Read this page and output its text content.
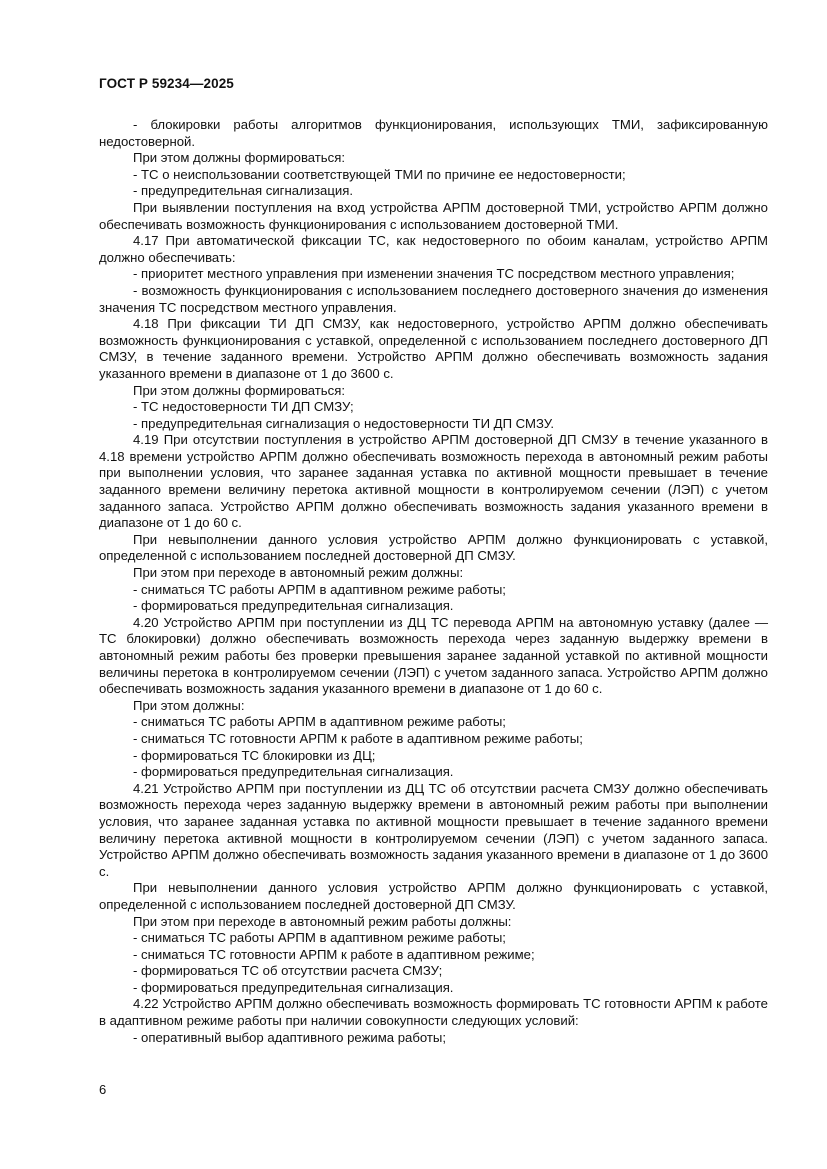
ГОСТ Р 59234—2025

- блокировки работы алгоритмов функционирования, использующих ТМИ, зафиксированную недостоверной.

При этом должны формироваться:

- ТС о неиспользовании соответствующей ТМИ по причине ее недостоверности;

- предупредительная сигнализация.

При выявлении поступления на вход устройства АРПМ достоверной ТМИ, устройство АРПМ должно обеспечивать возможность функционирования с использованием достоверной ТМИ.

4.17 При автоматической фиксации ТС, как недостоверного по обоим каналам, устройство АРПМ должно обеспечивать:

- приоритет местного управления при изменении значения ТС посредством местного управления;

- возможность функционирования с использованием последнего достоверного значения до изменения значения ТС посредством местного управления.

4.18 При фиксации ТИ ДП СМЗУ, как недостоверного, устройство АРПМ должно обеспечивать возможность функционирования с уставкой, определенной с использованием последнего достоверного ДП СМЗУ, в течение заданного времени. Устройство АРПМ должно обеспечивать возможность задания указанного времени в диапазоне от 1 до 3600 с.

При этом должны формироваться:

- ТС недостоверности ТИ ДП СМЗУ;

- предупредительная сигнализация о недостоверности ТИ ДП СМЗУ.

4.19 При отсутствии поступления в устройство АРПМ достоверной ДП СМЗУ в течение указанного в 4.18 времени устройство АРПМ должно обеспечивать возможность перехода в автономный режим работы при выполнении условия, что заранее заданная уставка по активной мощности превышает в течение заданного времени величину перетока активной мощности в контролируемом сечении (ЛЭП) с учетом заданного запаса. Устройство АРПМ должно обеспечивать возможность задания указанного времени в диапазоне от 1 до 60 с.

При невыполнении данного условия устройство АРПМ должно функционировать с уставкой, определенной с использованием последней достоверной ДП СМЗУ.

При этом при переходе в автономный режим должны:

- сниматься ТС работы АРПМ в адаптивном режиме работы;

- формироваться предупредительная сигнализация.

4.20 Устройство АРПМ при поступлении из ДЦ ТС перевода АРПМ на автономную уставку (далее — ТС блокировки) должно обеспечивать возможность перехода через заданную выдержку времени в автономный режим работы без проверки превышения заранее заданной уставкой по активной мощности величины перетока в контролируемом сечении (ЛЭП) с учетом заданного запаса. Устройство АРПМ должно обеспечивать возможность задания указанного времени в диапазоне от 1 до 60 с.

При этом должны:

- сниматься ТС работы АРПМ в адаптивном режиме работы;

- сниматься ТС готовности АРПМ к работе в адаптивном режиме работы;

- формироваться ТС блокировки из ДЦ;

- формироваться предупредительная сигнализация.

4.21 Устройство АРПМ при поступлении из ДЦ ТС об отсутствии расчета СМЗУ должно обеспечивать возможность перехода через заданную выдержку времени в автономный режим работы при выполнении условия, что заранее заданная уставка по активной мощности превышает в течение заданного времени величину перетока активной мощности в контролируемом сечении (ЛЭП) с учетом заданного запаса. Устройство АРПМ должно обеспечивать возможность задания указанного времени в диапазоне от 1 до 3600 с.

При невыполнении данного условия устройство АРПМ должно функционировать с уставкой, определенной с использованием последней достоверной ДП СМЗУ.

При этом при переходе в автономный режим работы должны:

- сниматься ТС работы АРПМ в адаптивном режиме работы;

- сниматься ТС готовности АРПМ к работе в адаптивном режиме;

- формироваться ТС об отсутствии расчета СМЗУ;

- формироваться предупредительная сигнализация.

4.22 Устройство АРПМ должно обеспечивать возможность формировать ТС готовности АРПМ к работе в адаптивном режиме работы при наличии совокупности следующих условий:

- оперативный выбор адаптивного режима работы;

6
